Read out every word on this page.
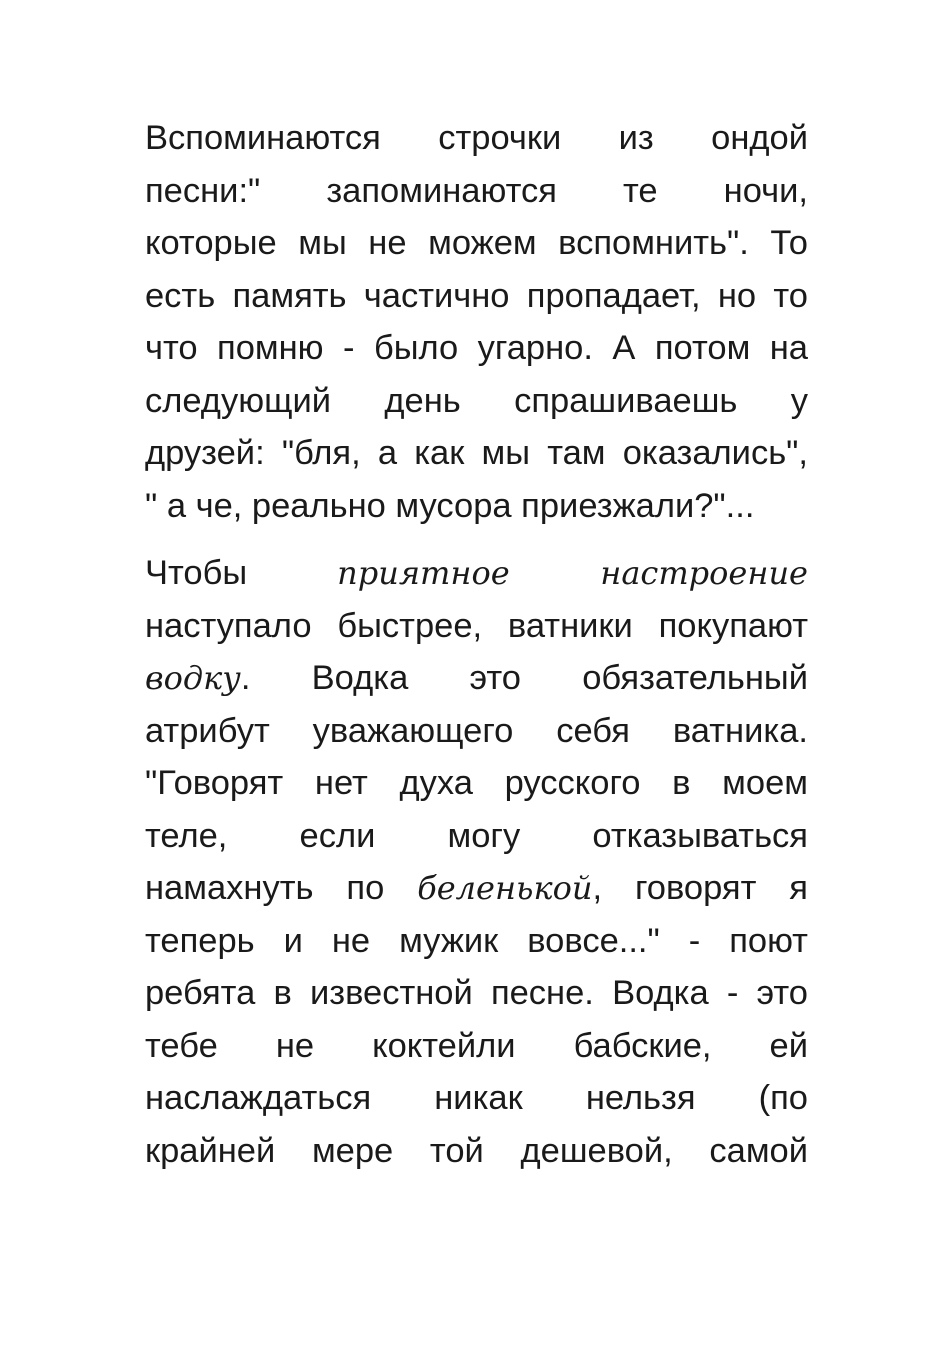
Вспоминаются строчки из ондой
песни:" запоминаются те ночи,
которые мы не можем вспомнить". То
есть память частично пропадает, но то
что помню - было угарно. А потом на
следующий день спрашиваешь у
друзей: "бля, а как мы там оказались",
" а че, реально мусора приезжали?"...
Чтобы приятное настроение
наступало быстрее, ватники покупают
водку. Водка это обязательный
атрибут уважающего себя ватника.
"Говорят нет духа русского в моем
теле, если могу отказываться
намахнуть по беленькой, говорят я
теперь и не мужик вовсе..." - поют
ребята в известной песне. Водка - это
тебе не коктейли бабские, ей
наслаждаться никак нельзя (по
крайней мере той дешевой, самой
